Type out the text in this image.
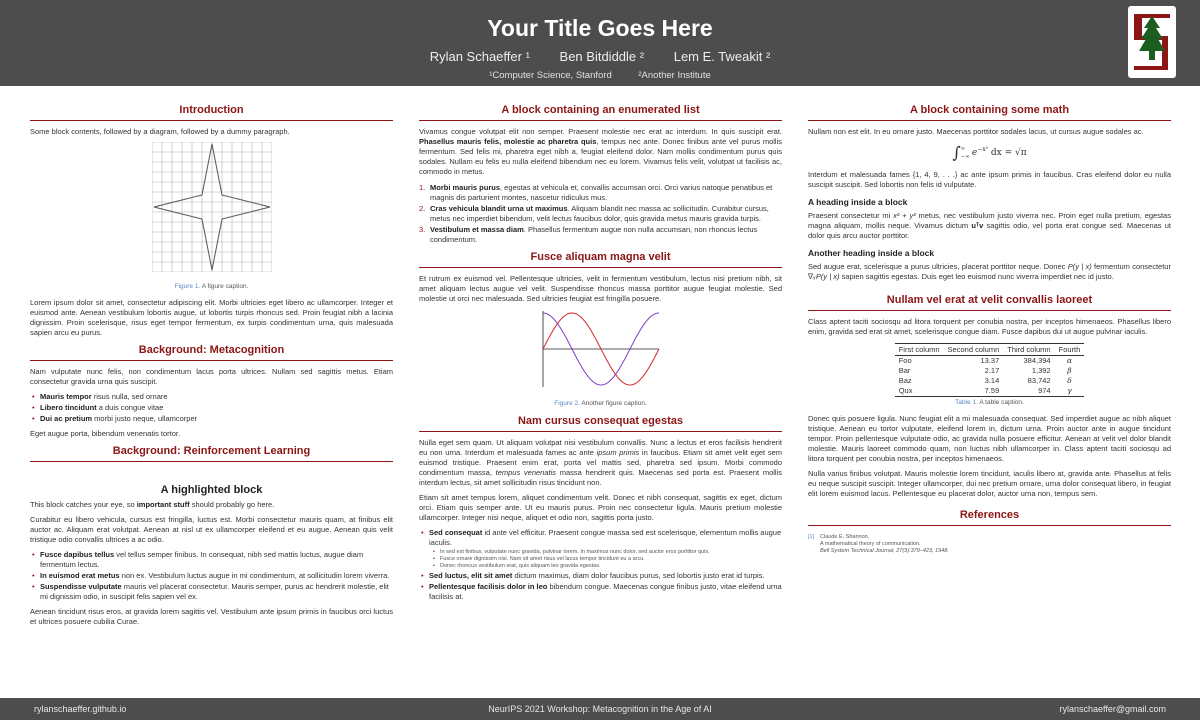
Your Title Goes Here
Rylan Schaeffer ¹ Ben Bitdiddle ² Lem E. Tweakit ²
¹Computer Science, Stanford	²Another Institute
Introduction

Some block contents, followed by a diagram, followed by a dummy paragraph.

Figure 1. A figure caption.

Lorem ipsum dolor sit amet, consectetur adipiscing elit. Morbi ultricies eget libero ac ullamcorper. Integer et euismod ante. Aenean vestibulum lobortis augue, ut lobortis turpis rhoncus sed. Proin feugiat nibh a lacinia dignissim. Proin scelerisque, risus eget tempor fermentum, ex turpis condimentum urna, quis malesuada sapien arcu eu purus.

Background: Metacognition

Nam vulputate nunc felis, non condimentum lacus porta ultrices. Nullam sed sagittis metus. Etiam consectetur gravida urna quis suscipit.

• Mauris tempor risus nulla, sed ornare
• Libero tincidunt a duis congue vitae
• Dui ac pretium morbi justo neque, ullamcorper

Eget augue porta, bibendum venenatis tortor.

Background: Reinforcement Learning
A highlighted block

This block catches your eye, so important stuff should probably go here.

Curabitur eu libero vehicula, cursus est fringilla, luctus est. Morbi consectetur mauris quam, at finibus elit auctor ac. Aliquam erat volutpat. Aenean at nisl ut ex ullamcorper eleifend et eu augue. Aenean quis velit tristique odio convallis ultrices a ac odio.

• Fusce dapibus tellus vel tellus semper finibus. In consequat, nibh sed mattis luctus, augue diam fermentum lectus.
• In euismod erat metus non ex. Vestibulum luctus augue in mi condimentum, at sollicitudin lorem viverra.
• Suspendisse vulputate mauris vel placerat consectetur. Mauris semper, purus ac hendrerit molestie, elit mi dignissim odio, in suscipit felis sapien vel ex.

Aenean tincidunt risus eros, at gravida lorem sagittis vel. Vestibulum ante ipsum primis in faucibus orci luctus et ultrices posuere cubilia Curae.

A block containing an enumerated list

Vivamus congue volutpat elit non semper. Praesent molestie nec erat ac interdum. In quis suscipit erat. Phasellus mauris felis, molestie ac pharetra quis, tempus nec ante. Donec finibus ante vel purus mollis fermentum. Sed felis mi, pharetra eget nibh a, feugiat eleifend dolor. Nam mollis condimentum purus quis sodales. Nullam eu felis eu nulla eleifend bibendum nec eu lorem. Vivamus felis velit, volutpat ut facilisis ac, commodo in metus.

1. Morbi mauris purus, egestas at vehicula et, convallis accumsan orci. Orci varius natoque penatibus et magnis dis parturient montes, nascetur ridiculus mus.
2. Cras vehicula blandit urna ut maximus. Aliquam blandit nec massa ac sollicitudin. Curabitur cursus, metus nec imperdiet bibendum, velit lectus faucibus dolor, quis gravida metus mauris gravida turpis.
3. Vestibulum et massa diam. Phasellus fermentum augue non nulla accumsan, non rhoncus lectus condimentum.
Fusce aliquam magna velit

Et rutrum ex euismod vel. Pellentesque ultricies, velit in fermentum vestibulum, lectus nisi pretium nibh, sit amet aliquam lectus augue vel velit. Suspendisse rhoncus massa porttitor augue feugiat molestie. Sed molestie ut orci nec malesuada. Sed ultricies feugiat est fringilla posuere.

Figure 2. Another figure caption.
Nam cursus consequat egestas

Nulla eget sem quam. Ut aliquam volutpat nisi vestibulum convallis. Nunc a lectus et eros facilisis hendrerit eu non urna. Interdum et malesuada fames ac ante ipsum primis in faucibus. Etiam sit amet velit eget sem euismod tristique. Praesent enim erat, porta vel mattis sed, pharetra sed ipsum. Morbi commodo condimentum massa, tempus venenatis massa hendrerit quis. Maecenas sed porta est. Praesent mollis interdum lectus, sit amet sollicitudin risus tincidunt non.

Etiam sit amet tempus lorem, aliquet condimentum velit. Donec et nibh consequat, sagittis ex eget, dictum orci. Etiam quis semper ante. Ut eu mauris purus. Proin nec consectetur ligula. Mauris pretium molestie ullamcorper. Integer nisi neque, aliquet et odio non, sagittis porta justo.

• Sed consequat id ante vel efficitur. Praesent congue massa sed est scelerisque, elementum mollis augue iaculis.
• In sed est finibus, vulputate nunc gravida, pulvinar lorem. In maximus nunc dolor, sed auctor eros porttitor quis.
• Fusce ornare dignissim nisi. Nam sit amet risus vel lacus tempor tincidunt eu a arcu.
• Donec rhoncus vestibulum erat, quis aliquam leo gravida egestas.
• Sed luctus, elit sit amet dictum maximus, diam dolor faucibus purus, sed lobortis justo erat id turpis.
• Pellentesque facilisis dolor in leo bibendum congue. Maecenas congue finibus justo, vitae eleifend urna facilisis at.
A block containing some math

Nullam non est elit. In eu ornare justo. Maecenas porttitor sodales lacus, ut cursus augue sodales ac.

∫ ∞
−∞ $e^{-x^2}$ dx = √π

Interdum et malesuada fames {1, 4, 9, . . .} ac ante ipsum primis in faucibus. Cras eleifend dolor eu nulla suscipit suscipit. Sed lobortis non felis id vulputate.

A heading inside a block

Praesent consectetur mi x² + y² metus, nec vestibulum justo viverra nec. Proin eget nulla pretium, egestas magna aliquam, mollis neque. Vivamus dictum uᵀv sagittis odio, vel porta erat congue sed. Maecenas ut dolor quis arcu auctor porttitor.

Another heading inside a block

Sed augue erat, scelerisque a purus ultricies, placerat porttitor neque. Donec P(y | x) fermentum consectetur ∇ₓP(y | x) sapien sagittis egestas. Duis eget leo euismod nunc viverra imperdiet nec id justo.

Nullam vel erat at velit convallis laoreet

Class aptent taciti sociosqu ad litora torquent per conubia nostra, per inceptos himenaeos. Phasellus libero enim, gravida sed erat sit amet, scelerisque congue diam. Fusce dapibus dui ut augue pulvinar iaculis.

First column	Second column	Third column	Fourth
Foo	13.37	384,394	α
Bar	2.17	1,392	β
Baz	3.14	83,742	δ
Qux	7.59	974	γ
Table 1. A table caption.

Donec quis posuere ligula. Nunc feugiat elit a mi malesuada consequat. Sed imperdiet augue ac nibh aliquet tristique. Aenean eu tortor vulputate, eleifend lorem in, dictum urna. Proin auctor ante in augue tincidunt tempor. Proin pellentesque vulputate odio, ac gravida nulla posuere efficitur. Aenean at velit vel dolor blandit molestie. Mauris laoreet commodo quam, non luctus nibh ullamcorper in. Class aptent taciti sociosqu ad litora torquent per conubia nostra, per inceptos himenaeos.

Nulla varius finibus volutpat. Mauris molestie lorem tincidunt, iaculis libero at, gravida ante. Phasellus at felis eu neque suscipit suscipit. Integer ullamcorper, dui nec pretium ornare, urna dolor consequat libero, in feugiat elit lorem euismod lacus. Pellentesque eu placerat dolor, auctor urna non, tempus sem.

References
[1] Claude E. Shannon.
A mathematical theory of communication.
Bell System Technical Journal, 27(3):379–423, 1948.
NeurIPS 2021 Workshop: Metacognition in the Age of AI
rylanschaeffer.github.io	rylanschaeffer@gmail.com
